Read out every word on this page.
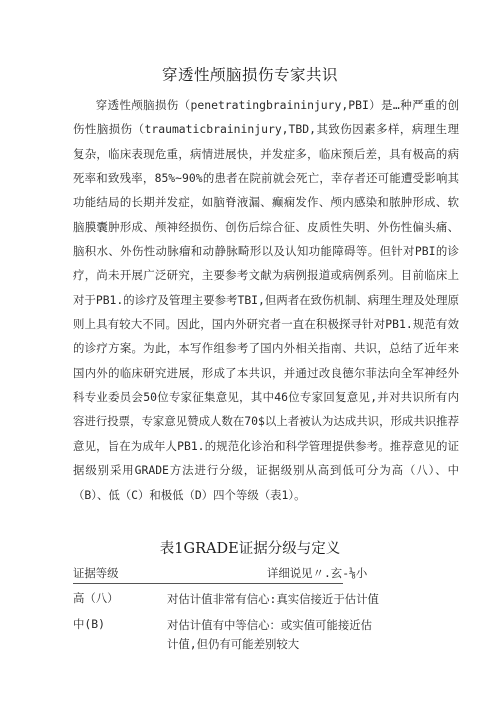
穿透性颅脑损伤专家共识

穿透性颅脑损伤（penetratingbraininjury,PBI）是…种严重的创伤性脑损伤（traumaticbraininjury,TBD,其致伤因素多样，病理生理复杂，临床表现危重，病情进展快，并发症多，临床预后差，具有极高的病死率和致残率，85%~90%的患者在院前就会死亡，幸存者还可能遭受影响其功能结局的长期并发症，如脑脊液漏、癫痫发作、颅内感染和脓肿形成、软脑膜囊肿形成、颅神经损伤、创伤后综合征、皮质性失明、外伤性偏头痛、脑积水、外伤性动脉瘤和动静脉畸形以及认知功能障碍等。但针对PBI的诊疗，尚未开展广泛研究，主要参考文献为病例报道或病例系列。目前临床上对于PB1.的诊疗及管理主要参考TBI,但两者在致伤机制、病理生理及处理原则上具有较大不同。因此，国内外研究者一直在积极探寻针对PB1.规范有效的诊疗方案。为此，本写作组参考了国内外相关指南、共识，总结了近年来国内外的临床研究进展，形成了本共识，并通过改良德尔菲法向全军神经外科专业委员会50位专家征集意见，其中46位专家回复意见,并对共识所有内容进行投票，专家意见赞成人数在70$以上者被认为达成共识，形成共识推荐意见，旨在为成年人PB1.的规范化诊治和科学管理提供参考。推荐意见的证据级别采用GRADE方法进行分级，证据级别从高到低可分为高（八）、中（B）、低（C）和极低（D）四个等级（表1）。

表1GRADE证据分级与定义
证据等级	详细说见〃.玄-⅛小
高（八）	对估计值非常有信心:真实信接近于估计值
中(B)	对估计值有中等信心：或实值可能接近估计值,但仍有可能差别较大
